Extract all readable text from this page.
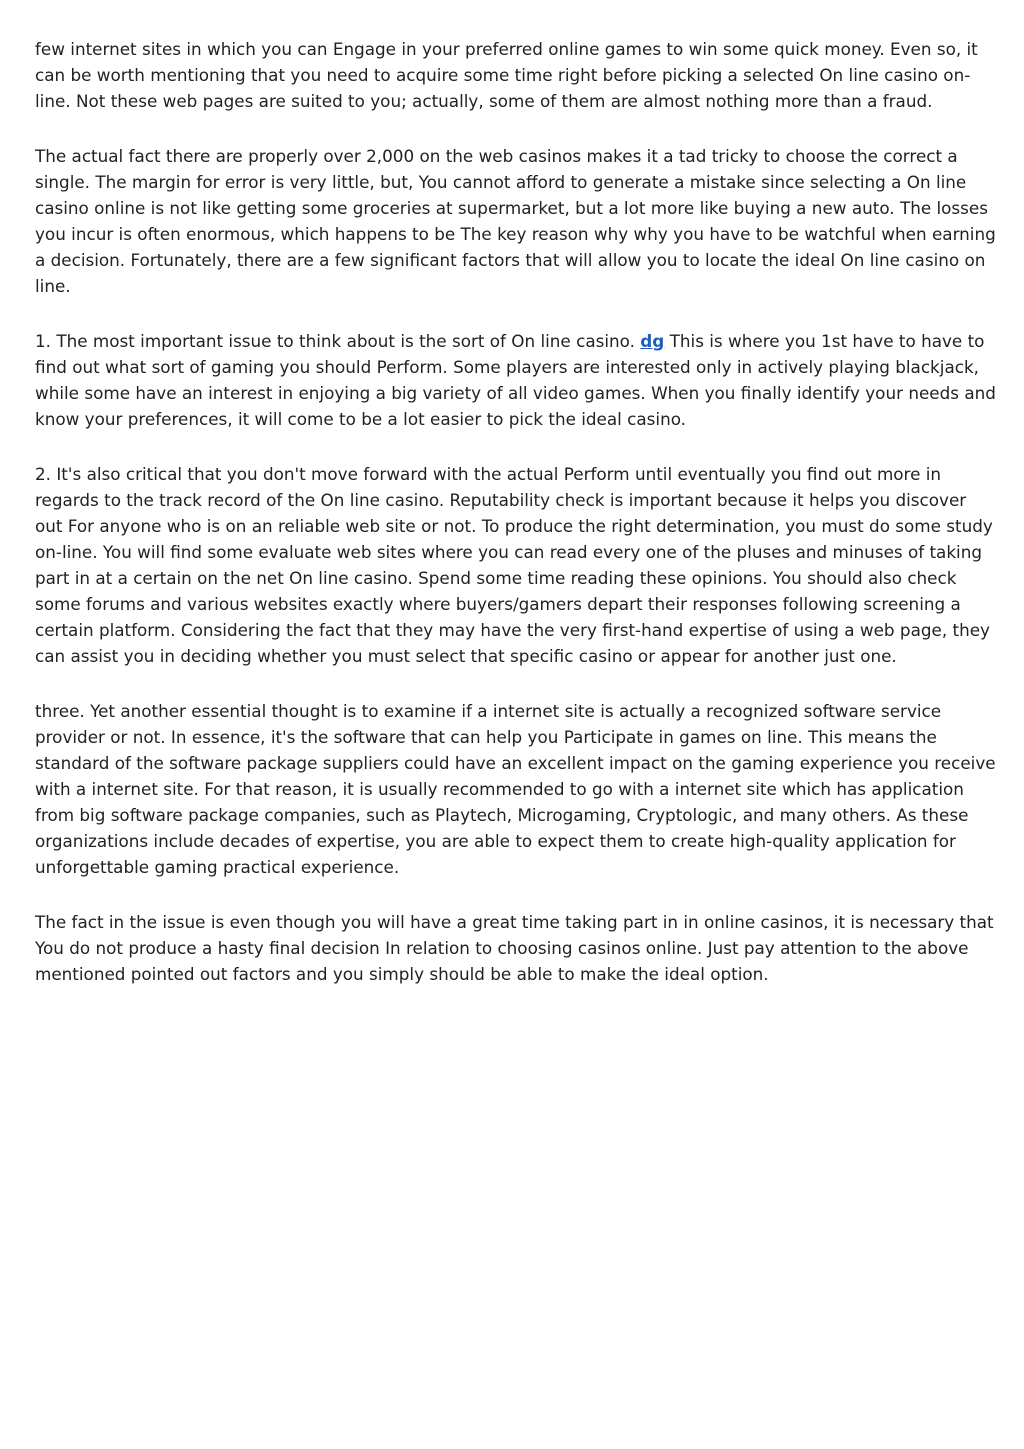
few internet sites in which you can Engage in your preferred online games to win some quick money. Even so, it can be worth mentioning that you need to acquire some time right before picking a selected On line casino on-line. Not these web pages are suited to you; actually, some of them are almost nothing more than a fraud.

The actual fact there are properly over 2,000 on the web casinos makes it a tad tricky to choose the correct a single. The margin for error is very little, but, You cannot afford to generate a mistake since selecting a On line casino online is not like getting some groceries at supermarket, but a lot more like buying a new auto. The losses you incur is often enormous, which happens to be The key reason why why you have to be watchful when earning a decision. Fortunately, there are a few significant factors that will allow you to locate the ideal On line casino on line.

1. The most important issue to think about is the sort of On line casino. dg This is where you 1st have to have to find out what sort of gaming you should Perform. Some players are interested only in actively playing blackjack, while some have an interest in enjoying a big variety of all video games. When you finally identify your needs and know your preferences, it will come to be a lot easier to pick the ideal casino.

2. It's also critical that you don't move forward with the actual Perform until eventually you find out more in regards to the track record of the On line casino. Reputability check is important because it helps you discover out For anyone who is on an reliable web site or not. To produce the right determination, you must do some study on-line. You will find some evaluate web sites where you can read every one of the pluses and minuses of taking part in at a certain on the net On line casino. Spend some time reading these opinions. You should also check some forums and various websites exactly where buyers/gamers depart their responses following screening a certain platform. Considering the fact that they may have the very first-hand expertise of using a web page, they can assist you in deciding whether you must select that specific casino or appear for another just one.

three. Yet another essential thought is to examine if a internet site is actually a recognized software service provider or not. In essence, it's the software that can help you Participate in games on line. This means the standard of the software package suppliers could have an excellent impact on the gaming experience you receive with a internet site. For that reason, it is usually recommended to go with a internet site which has application from big software package companies, such as Playtech, Microgaming, Cryptologic, and many others. As these organizations include decades of expertise, you are able to expect them to create high-quality application for unforgettable gaming practical experience.

The fact in the issue is even though you will have a great time taking part in in online casinos, it is necessary that You do not produce a hasty final decision In relation to choosing casinos online. Just pay attention to the above mentioned pointed out factors and you simply should be able to make the ideal option.
